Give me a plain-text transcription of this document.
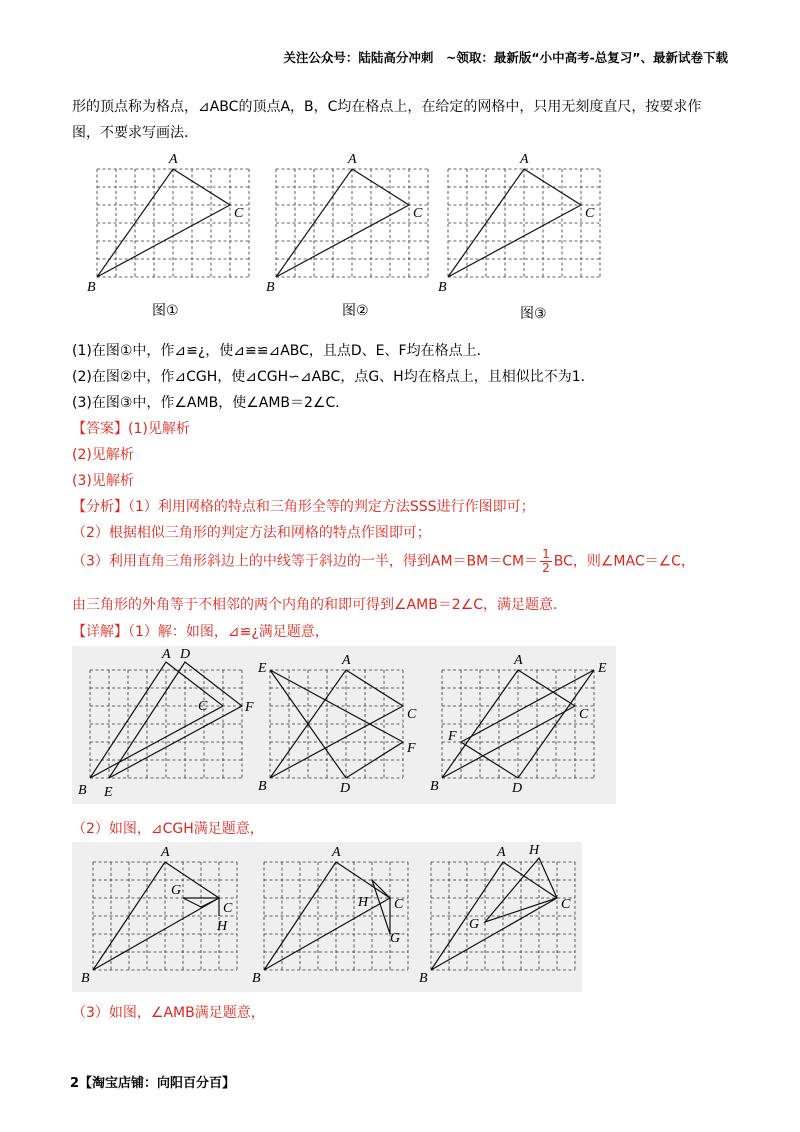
关注公众号：陆陆高分冲刺　~领取：最新版“小中高考-总复习”、最新试卷下载
形的顶点称为格点，⊿ABC的顶点A，B，C均在格点上，在给定的网格中，只用无刻度直尺，按要求作
图，不要求写画法．
A
B
C
A
B
C
A
B
C
图①	图②	图③
(1)在图①中，作⊿≌¿，使⊿≌≌⊿ABC，且点D、E、F均在格点上．
(2)在图②中，作⊿CGH，使⊿CGH∽⊿ABC，点G、H均在格点上，且相似比不为1．
(3)在图③中，作∠AMB，使∠AMB＝2∠C．
【答案】(1)见解析
(2)见解析
(3)见解析
【分析】（1）利用网格的特点和三角形全等的判定方法SSS进行作图即可；
（2）根据相似三角形的判定方法和网格的特点作图即可；
（3）利用直角三角形斜边上的中线等于斜边的一半，得到$AM=BM=CM= \frac{1}{2}$ BC，则∠MAC＝∠C，
由三角形的外角等于不相邻的两个内角的和即可得到∠AMB＝2∠C，满足题意．
【详解】（1）解：如图，⊿≌¿满足题意，
A D
C	F
B E
E
A
C
F
B	D
A
E
C
F
B	D
（2）如图，⊿CGH满足题意，
A
G
C
H
B
A
H C
G
B
A H
C
G
B
（3）如图，∠AMB满足题意，
2【淘宝店铺：向阳百分百】
